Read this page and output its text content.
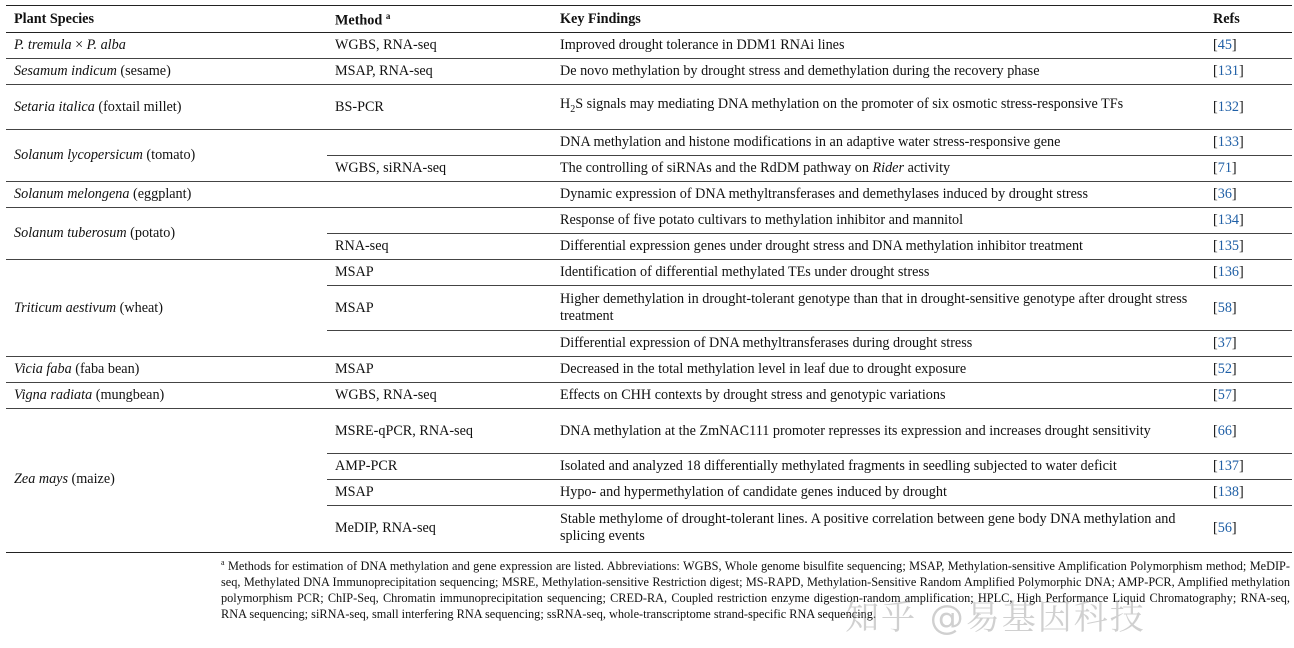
Plant Species	Method $^a$	Key Findings	Refs
P. tremula × P. alba	WGBS, RNA-seq	Improved drought tolerance in DDM1 RNAi lines	[45]
Sesamum indicum (sesame)	MSAP, RNA-seq	De novo methylation by drought stress and demethylation during the recovery phase	[131]
Setaria italica (foxtail millet)	BS-PCR	$H_2S$ signals may mediating DNA methylation on the promoter of six osmotic stress-responsive TFs	[132]
Solanum lycopersicum (tomato)		DNA methylation and histone modifications in an adaptive water stress-responsive gene	[133]
	WGBS, siRNA-seq	The controlling of siRNAs and the RdDM pathway on Rider activity	[71]
Solanum melongena (eggplant)		Dynamic expression of DNA methyltransferases and demethylases induced by drought stress	[36]
Solanum tuberosum (potato)		Response of five potato cultivars to methylation inhibitor and mannitol	[134]
	RNA-seq	Differential expression genes under drought stress and DNA methylation inhibitor treatment	[135]
Triticum aestivum (wheat)	MSAP	Identification of differential methylated TEs under drought stress	[136]
	MSAP	Higher demethylation in drought-tolerant genotype than that in drought-sensitive genotype after drought stress treatment	[58]
		Differential expression of DNA methyltransferases during drought stress	[37]
Vicia faba (faba bean)	MSAP	Decreased in the total methylation level in leaf due to drought exposure	[52]
Vigna radiata (mungbean)	WGBS, RNA-seq	Effects on CHH contexts by drought stress and genotypic variations	[57]
Zea mays (maize)	MSRE-qPCR, RNA-seq	DNA methylation at the ZmNAC111 promoter represses its expression and increases drought sensitivity	[66]
	AMP-PCR	Isolated and analyzed 18 differentially methylated fragments in seedling subjected to water deficit	[137]
	MSAP	Hypo- and hypermethylation of candidate genes induced by drought	[138]
	MeDIP, RNA-seq	Stable methylome of drought-tolerant lines. A positive correlation between gene body DNA methylation and splicing events	[56]
$^a$ Methods for estimation of DNA methylation and gene expression are listed. Abbreviations: WGBS, Whole genome bisulfite sequencing; MSAP, Methylation-sensitive Amplification Polymorphism method; MeDIP-seq, Methylated DNA Immunoprecipitation sequencing; MSRE, Methylation-sensitive Restriction digest; MS-RAPD, Methylation-Sensitive Random Amplified Polymorphic DNA; AMP-PCR, Amplified methylation polymorphism PCR; ChIP-Seq, Chromatin immunoprecipitation sequencing; CRED-RA, Coupled restriction enzyme digestion-random amplification; HPLC, High Performance Liquid Chromatography; RNA-seq, RNA sequencing; siRNA-seq, small interfering RNA sequencing; ssRNA-seq, whole-transcriptome strand-specific RNA sequencing.
知乎 @易基因科技
